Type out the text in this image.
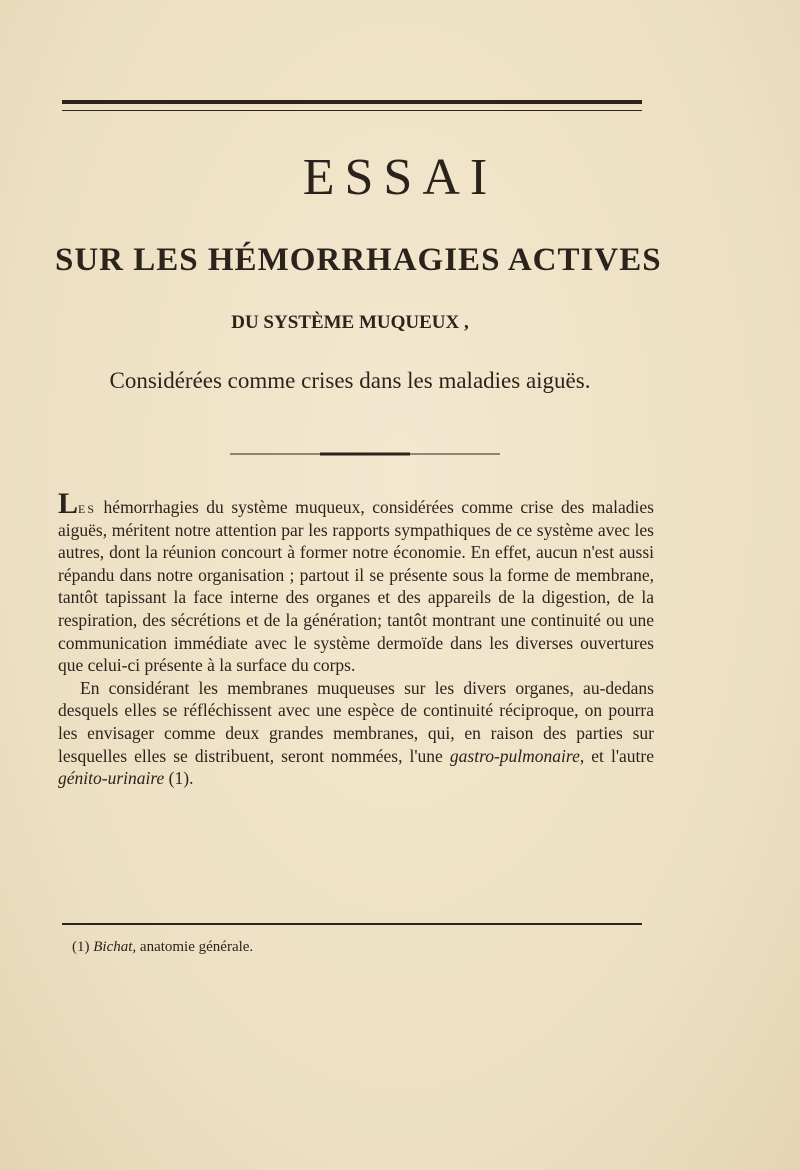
ESSAI
SUR LES HÉMORRHAGIES ACTIVES
DU SYSTÈME MUQUEUX ,
Considérées comme crises dans les maladies aiguës.

Les hémorrhagies du système muqueux, considérées comme crise des maladies aiguës, méritent notre attention par les rapports sympathiques de ce système avec les autres, dont la réunion concourt à former notre économie. En effet, aucun n'est aussi répandu dans notre organisation ; partout il se présente sous la forme de membrane, tantôt tapissant la face interne des organes et des appareils de la digestion, de la respiration, des sécrétions et de la génération; tantôt montrant une continuité ou une communication immédiate avec le système dermoïde dans les diverses ouvertures que celui-ci présente à la surface du corps.

En considérant les membranes muqueuses sur les divers organes, au-dedans desquels elles se réfléchissent avec une espèce de continuité réciproque, on pourra les envisager comme deux grandes membranes, qui, en raison des parties sur lesquelles elles se distribuent, seront nommées, l'une gastro-pulmonaire, et l'autre génito-urinaire (1).

(1) Bichat, anatomie générale.
